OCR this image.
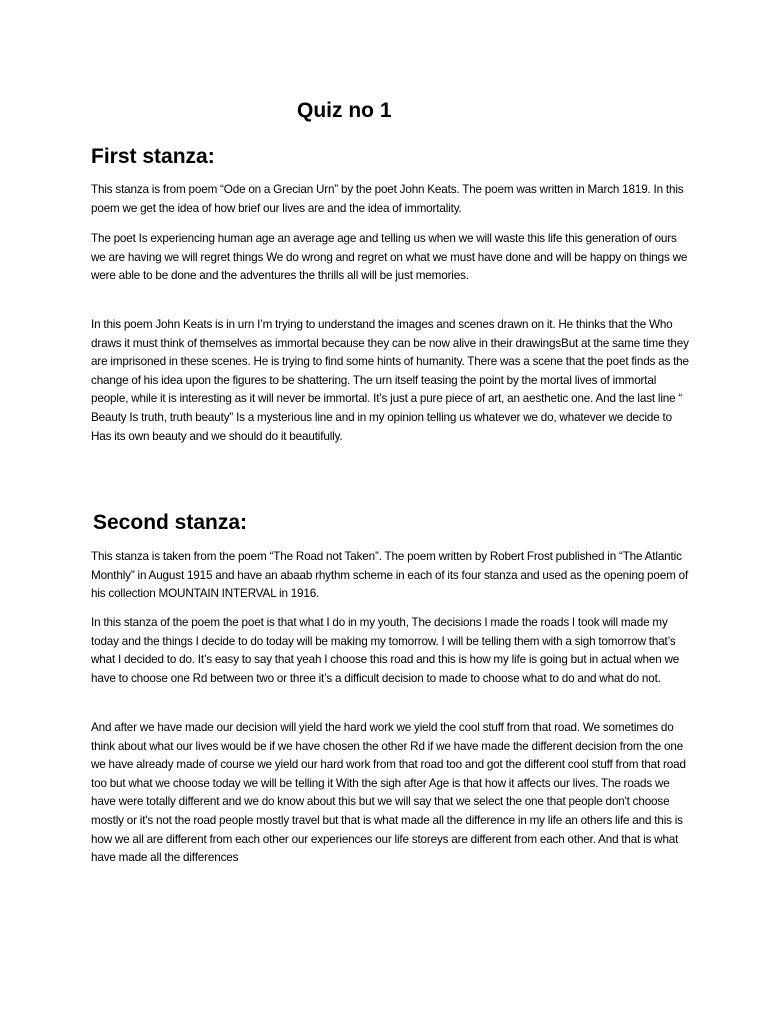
Quiz no 1
First stanza:

This stanza is from poem “Ode on a Grecian Urn” by the poet John Keats. The poem was written in March 1819. In this poem we get the idea of how brief our lives are and the idea of immortality.

The poet Is experiencing human age an average age and telling us when we will waste this life this generation of ours we are having we will regret things We do wrong and regret on what we must have done and will be happy on things we were able to be done and the adventures the thrills all will be just memories.

In this poem John Keats is in urn I’m trying to understand the images and scenes drawn on it. He thinks that the Who draws it must think of themselves as immortal because they can be now alive in their drawingsBut at the same time they are imprisoned in these scenes. He is trying to find some hints of humanity. There was a scene that the poet finds as the change of his idea upon the figures to be shattering. The urn itself teasing the point by the mortal lives of immortal people, while it is interesting as it will never be immortal. It’s just a pure piece of art, an aesthetic one. And the last line “ Beauty Is truth, truth beauty” Is a mysterious line and in my opinion telling us whatever we do, whatever we decide to Has its own beauty and we should do it beautifully.

Second stanza:

This stanza is taken from the poem “The Road not Taken”. The poem written by Robert Frost published in “The Atlantic Monthly” in August 1915 and have an abaab rhythm scheme in each of its four stanza and used as the opening poem of his collection MOUNTAIN INTERVAL in 1916.

In this stanza of the poem the poet is that what I do in my youth, The decisions I made the roads I took will made my today and the things I decide to do today will be making my tomorrow. I will be telling them with a sigh tomorrow that’s what I decided to do. It’s easy to say that yeah I choose this road and this is how my life is going but in actual when we have to choose one Rd between two or three it’s a difficult decision to made to choose what to do and what do not.

And after we have made our decision will yield the hard work we yield the cool stuff from that road. We sometimes do think about what our lives would be if we have chosen the other Rd if we have made the different decision from the one we have already made of course we yield our hard work from that road too and got the different cool stuff from that road too but what we choose today we will be telling it With the sigh after Age is that how it affects our lives. The roads we have were totally different and we do know about this but we will say that we select the one that people don't choose mostly or it's not the road people mostly travel but that is what made all the difference in my life an others life and this is how we all are different from each other our experiences our life storeys are different from each other. And that is what have made all the differences
